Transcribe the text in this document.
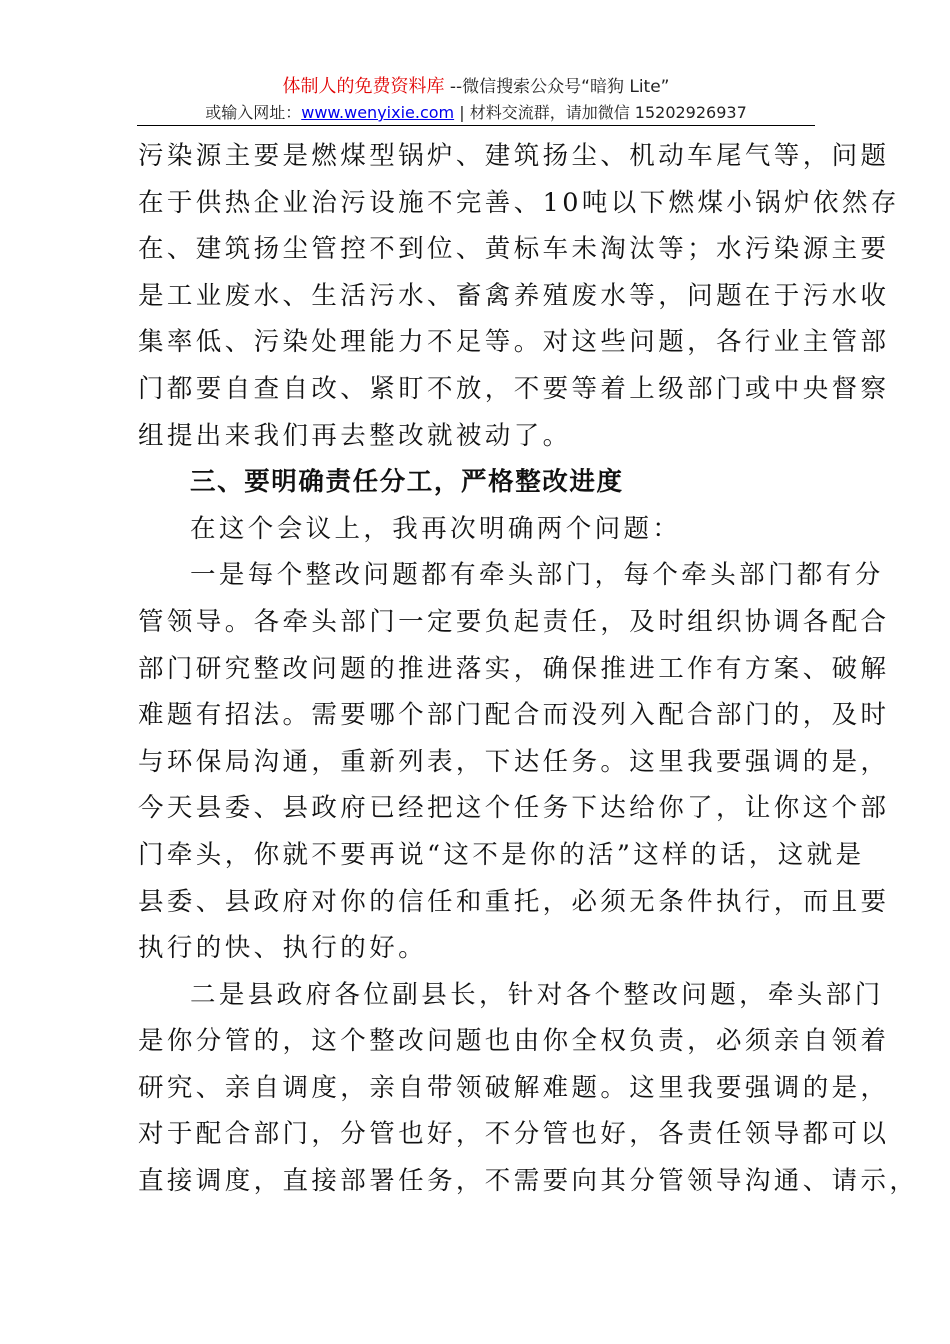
体制人的免费资料库 --微信搜索公众号“暗狗 Lite”
或输入网址：www.wenyixie.com | 材料交流群，请加微信 15202926937
污染源主要是燃煤型锅炉、建筑扬尘、机动车尾气等，问题
在于供热企业治污设施不完善、10吨以下燃煤小锅炉依然存
在、建筑扬尘管控不到位、黄标车未淘汰等；水污染源主要
是工业废水、生活污水、畜禽养殖废水等，问题在于污水收
集率低、污染处理能力不足等。对这些问题，各行业主管部
门都要自查自改、紧盯不放，不要等着上级部门或中央督察
组提出来我们再去整改就被动了。
三、要明确责任分工，严格整改进度
在这个会议上，我再次明确两个问题：
一是每个整改问题都有牵头部门，每个牵头部门都有分
管领导。各牵头部门一定要负起责任，及时组织协调各配合
部门研究整改问题的推进落实，确保推进工作有方案、破解
难题有招法。需要哪个部门配合而没列入配合部门的，及时
与环保局沟通，重新列表，下达任务。这里我要强调的是，
今天县委、县政府已经把这个任务下达给你了，让你这个部
门牵头，你就不要再说“这不是你的活”这样的话，这就是
县委、县政府对你的信任和重托，必须无条件执行，而且要
执行的快、执行的好。
二是县政府各位副县长，针对各个整改问题，牵头部门
是你分管的，这个整改问题也由你全权负责，必须亲自领着
研究、亲自调度，亲自带领破解难题。这里我要强调的是，
对于配合部门，分管也好，不分管也好，各责任领导都可以
直接调度，直接部署任务，不需要向其分管领导沟通、请示，
